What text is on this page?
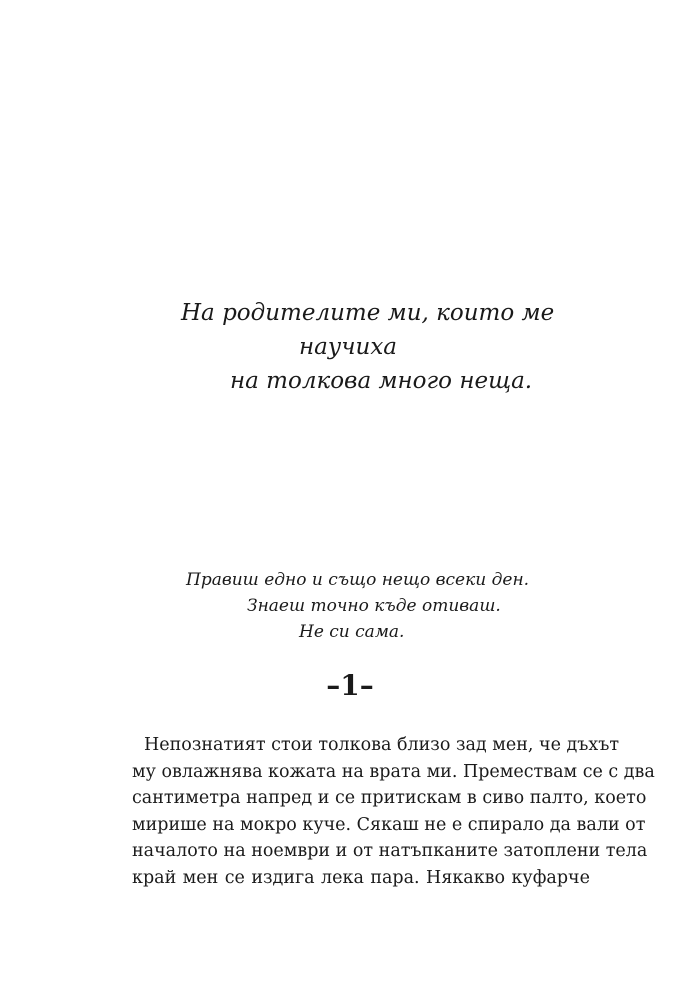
На родителите ми, които ме
научиха
на толкова много неща.
Правиш едно и също нещо всеки ден.
Знаеш точно къде отиваш.
Не си сама.
–1–
Непознатият стои толкова близо зад мен, че дъхът
му овлажнява кожата на врата ми. Премествам се с два
сантиметра напред и се притискам в сиво палто, което
мирише на мокро куче. Сякаш не е спирало да вали от
началото на ноември и от натъпканите затоплени тела
край мен се издига лека пара. Някакво куфарче
